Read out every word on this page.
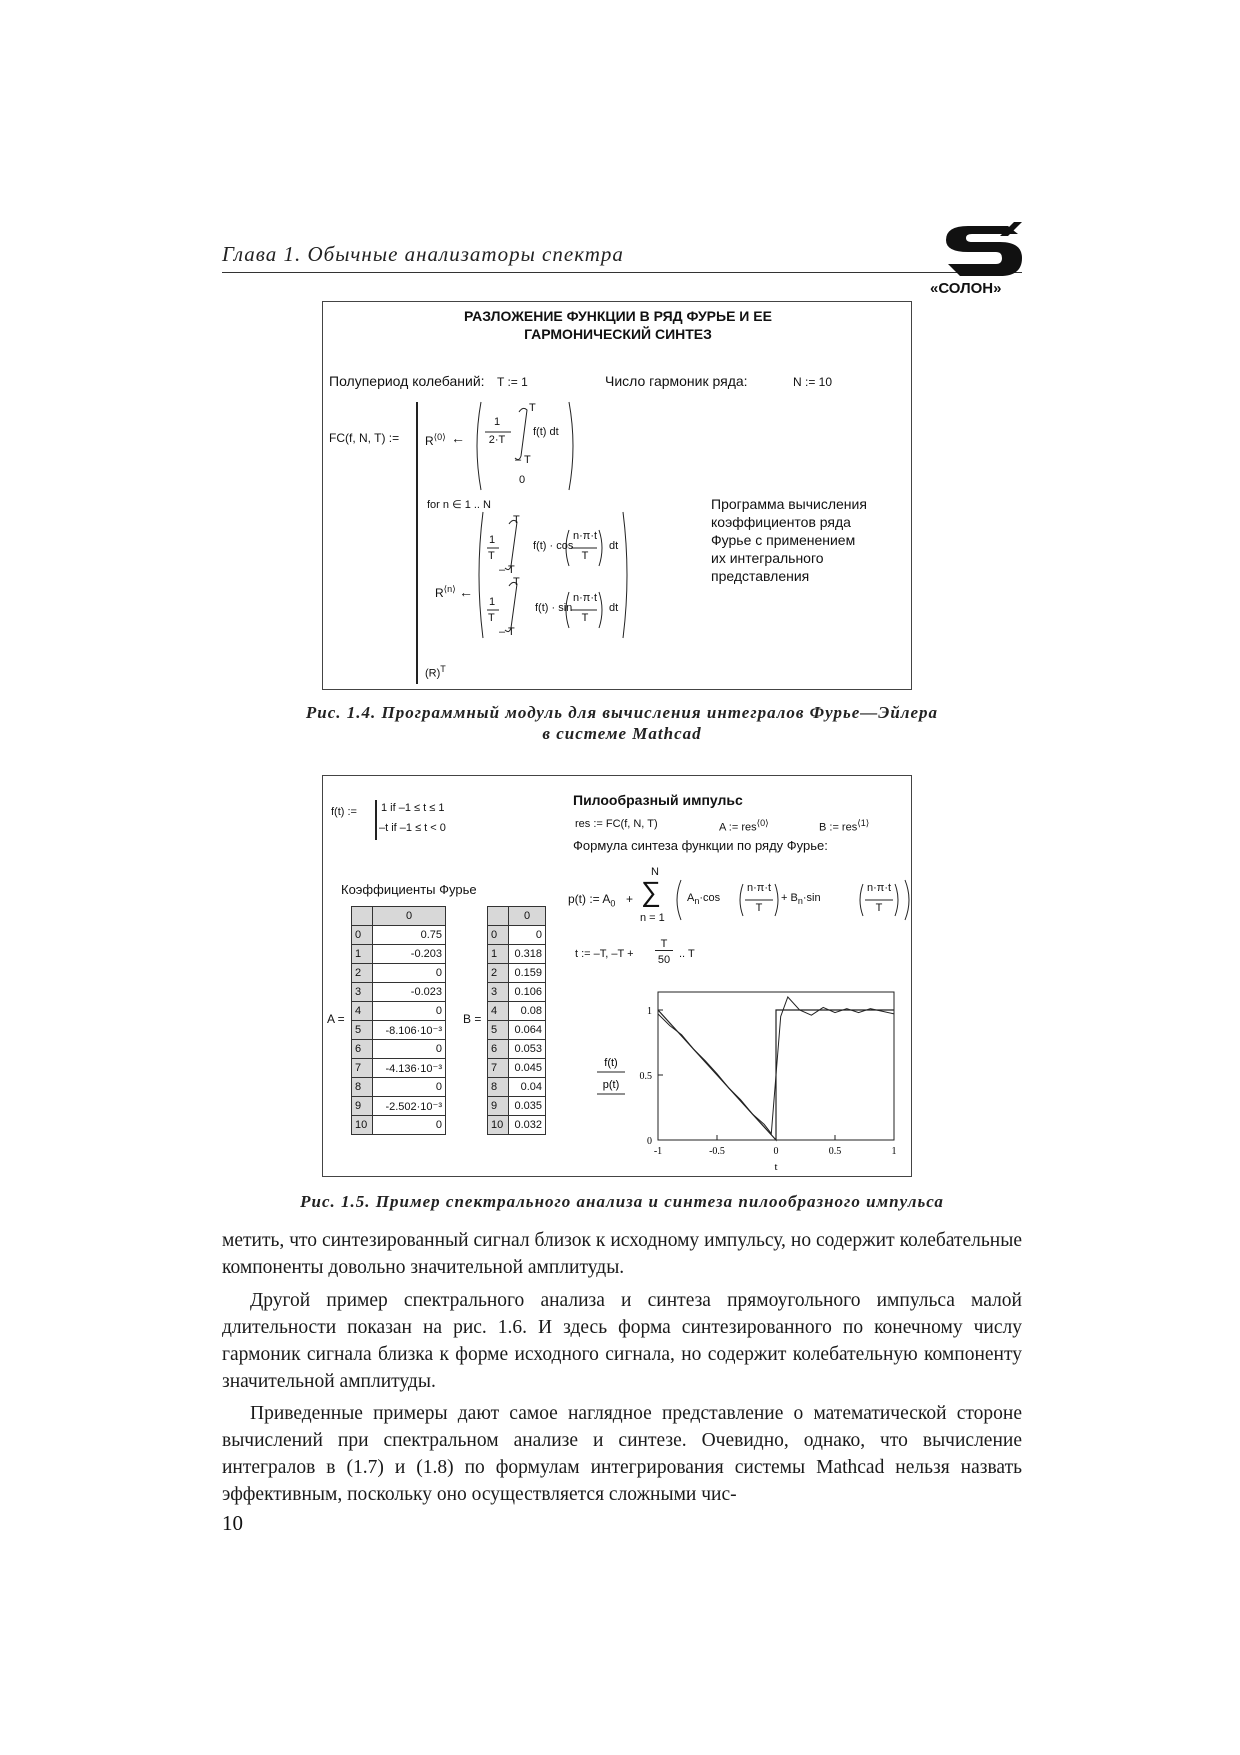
Глава 1. Обычные анализаторы спектра
«СОЛОН»
РАЗЛОЖЕНИЕ ФУНКЦИИ В РЯД ФУРЬЕ И ЕЕ
ГАРМОНИЧЕСКИЙ СИНТЕЗ
Полупериод колебаний: T := 1	Число гармоник ряда:	N := 10
FC(f, N, T) := $R^{⟨0⟩}$ ←
1
2·T
T
– T
f(t) dt
0
for n ∈ 1 .. N
$R^{⟨n⟩}$ ←
1
T
T
– T
f(t) · cos
n·π·t
T
dt
1
T
T
– T
f(t) · sin
n·π·t
T
dt
$(R)^T$
Программа вычисления
коэффициентов ряда
Фурье с применением
их интегрального
представления
Рис. 1.4. Программный модуль для вычисления интегралов Фурье—Эйлера
в системе Mathcad
f(t) := 1 if –1 ≤ t ≤ 1
–t if –1 ≤ t < 0
Пилообразный импульс
res := FC(f, N, T)	A := res$^{⟨0⟩}$	B := res$^{⟨1⟩}$
Формула синтеза функции по ряду Фурье:
Коэффициенты Фурье
p(t) := $A_0$ +
N
∑
n = 1
$A_n\cdot\cos$
n·π·t
T
+ $B_n\cdot\sin$
n·π·t
T
t := –T, –T +
T
50 .. T
A =
	0
0	0.75
1	-0.203
2	0
3	-0.023
4	0
5	-8.106·10⁻³
6	0
7	-4.136·10⁻³
8	0
9	-2.502·10⁻³
10	0
B =
	0
0	0
1	0.318
2	0.159
3	0.106
4	0.08
5	0.064
6	0.053
7	0.045
8	0.04
9	0.035
10	0.032
-1	-0.5	0	0.5	1
0
0.5
1
t
f(t)
p(t)
Рис. 1.5. Пример спектрального анализа и синтеза пилообразного импульса
метить, что синтезированный сигнал близок к исходному импульсу, но содержит колебательные компоненты довольно значительной амплитуды.
Другой пример спектрального анализа и синтеза прямоугольного импульса малой длительности показан на рис. 1.6. И здесь форма синтезированного по конечному числу гармоник сигнала близка к форме исходного сигнала, но содержит колебательную компоненту значительной амплитуды.
Приведенные примеры дают самое наглядное представление о математической стороне вычислений при спектральном анализе и синтезе. Очевидно, однако, что вычисление интегралов в (1.7) и (1.8) по формулам интегрирования системы Mathcad нельзя назвать эффективным, поскольку оно осуществляется сложными чис-
10
